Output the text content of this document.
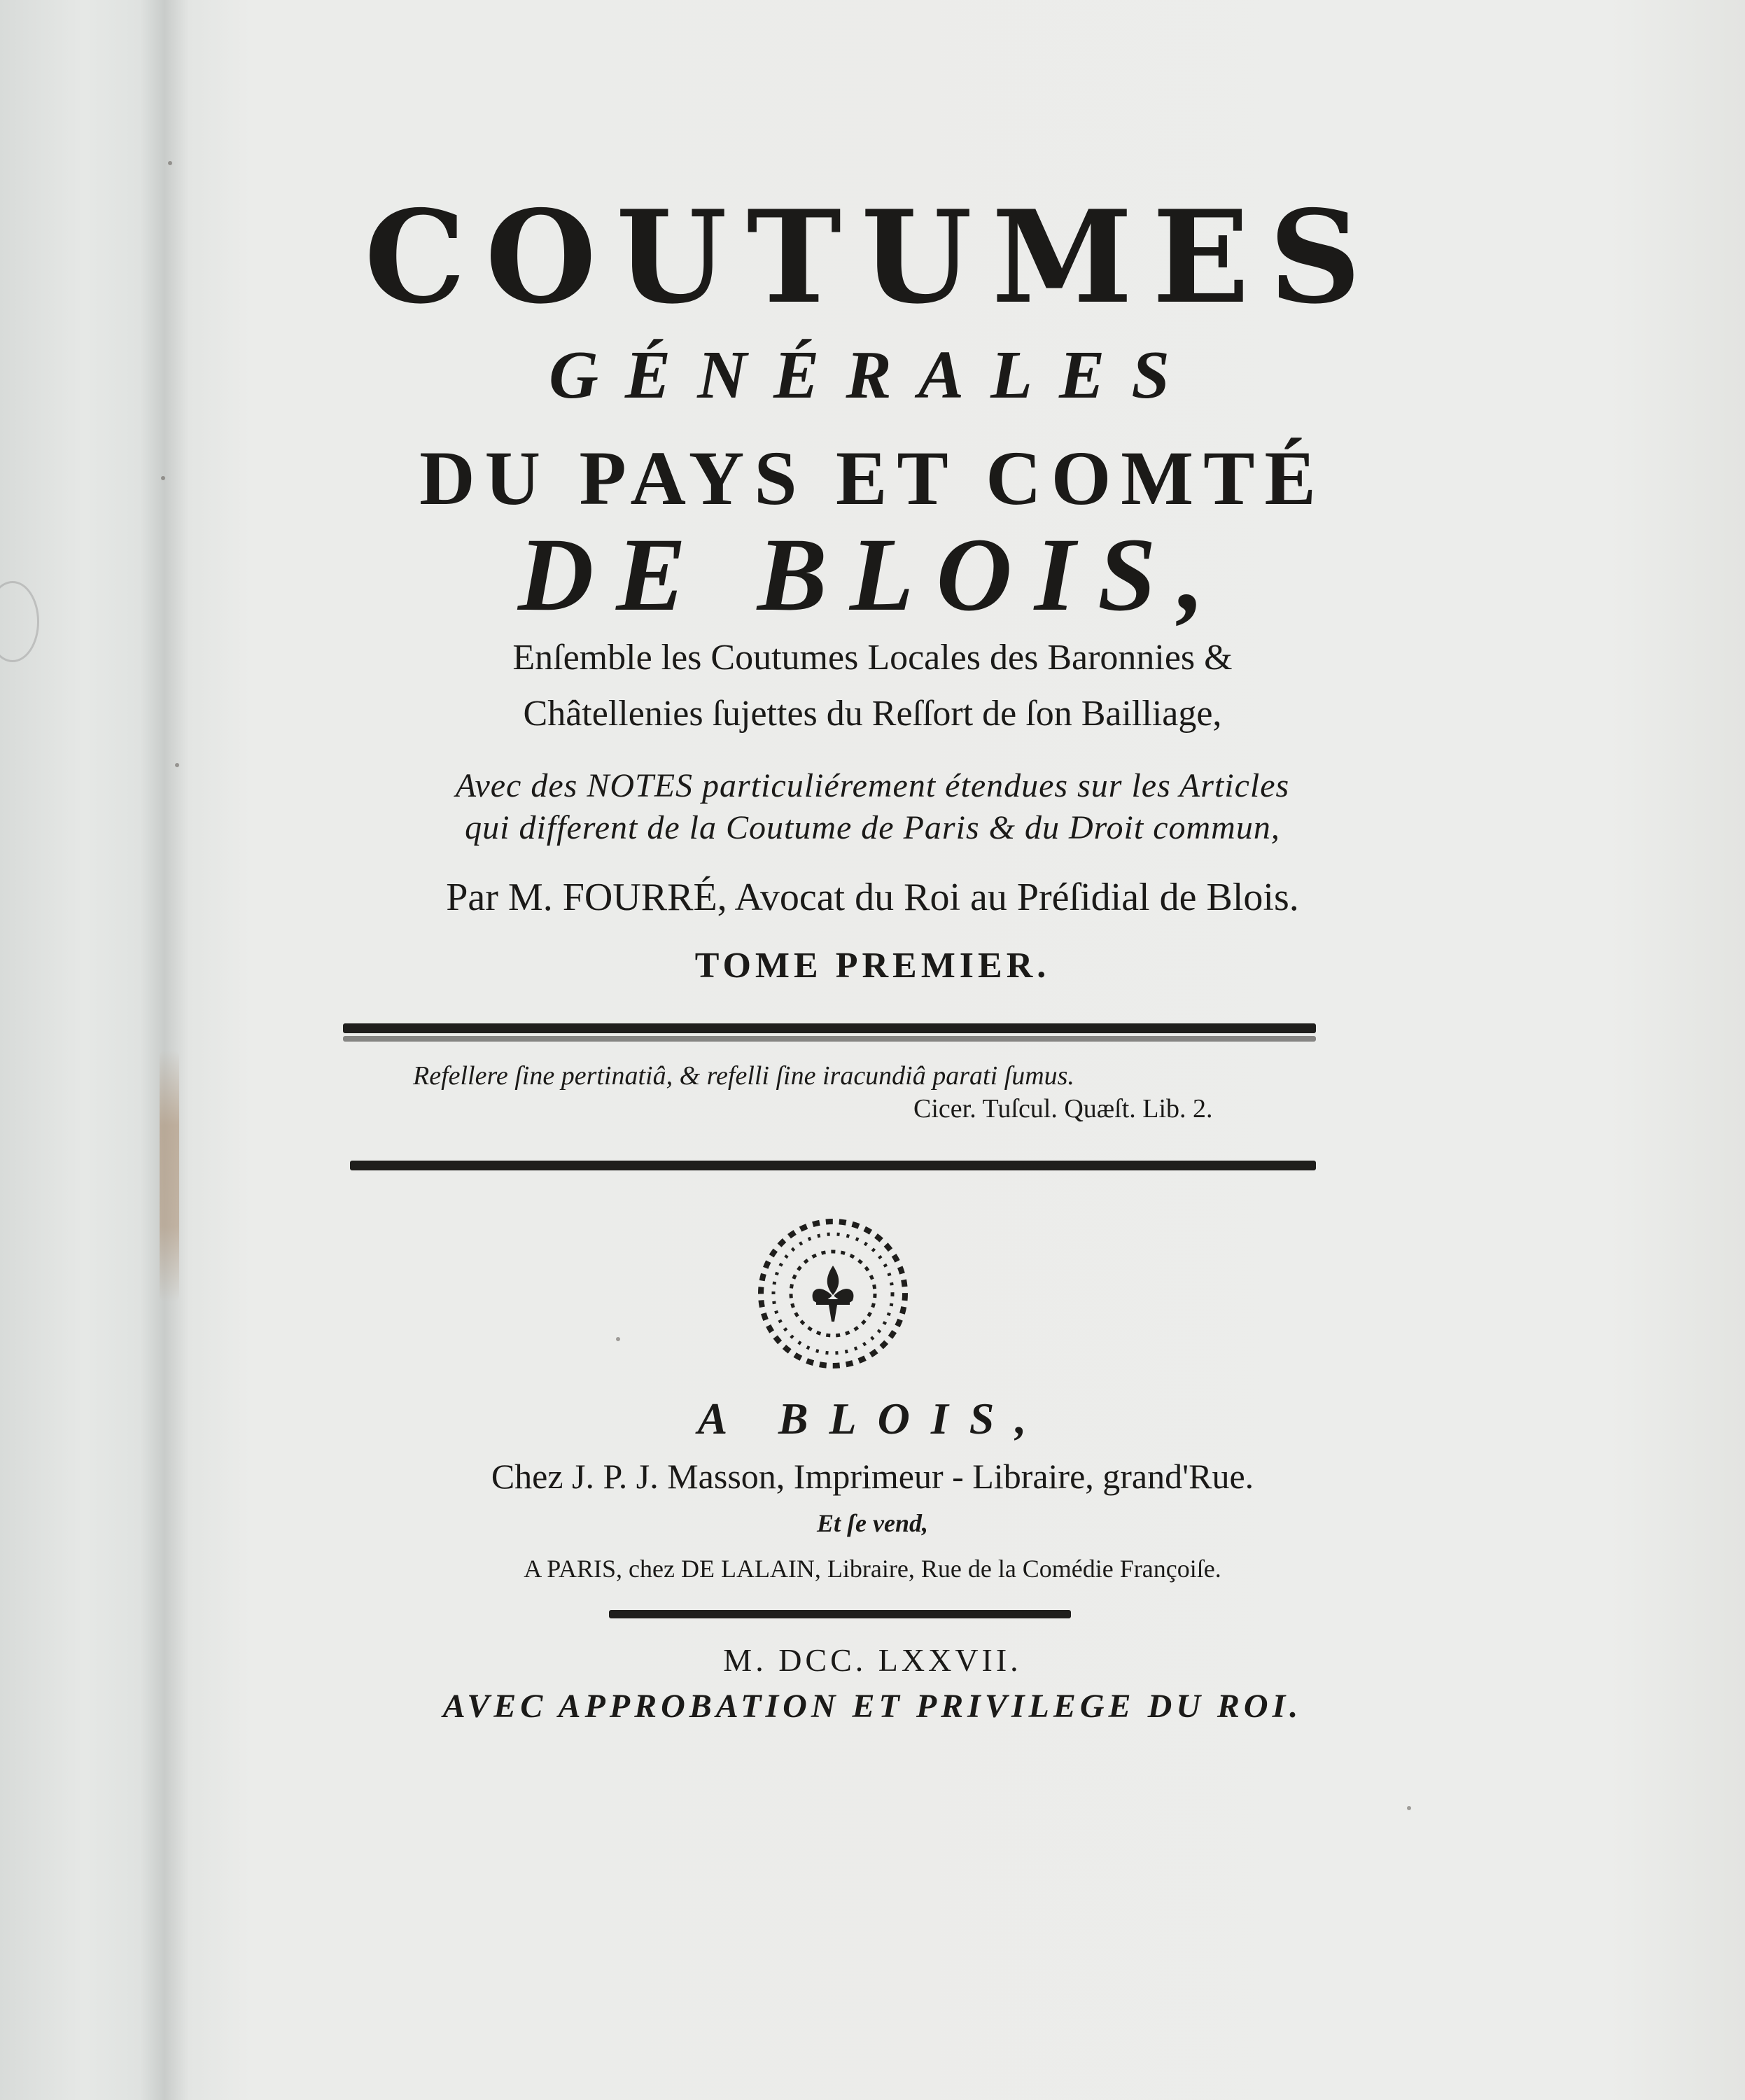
COUTUMES
GÉNÉRALES
DU PAYS ET COMTÉ
DE BLOIS,
Enſemble les Coutumes Locales des Baronnies &
Châtellenies ſujettes du Reſſort de ſon Bailliage,
Avec des NOTES particuliérement étendues sur les Articles
qui different de la Coutume de Paris & du Droit commun,
Par M. FOURRÉ, Avocat du Roi au Préſidial de Blois.
TOME PREMIER.
Refellere ſine pertinatiâ, & refelli ſine iracundiâ parati ſumus.
Cicer. Tuſcul. Quæſt. Lib. 2.
A BLOIS,
Chez J. P. J. Masson, Imprimeur - Libraire, grand'Rue.
Et ſe vend,
A PARIS, chez DE LALAIN, Libraire, Rue de la Comédie Françoiſe.
M. DCC. LXXVII.
AVEC APPROBATION ET PRIVILEGE DU ROI.
